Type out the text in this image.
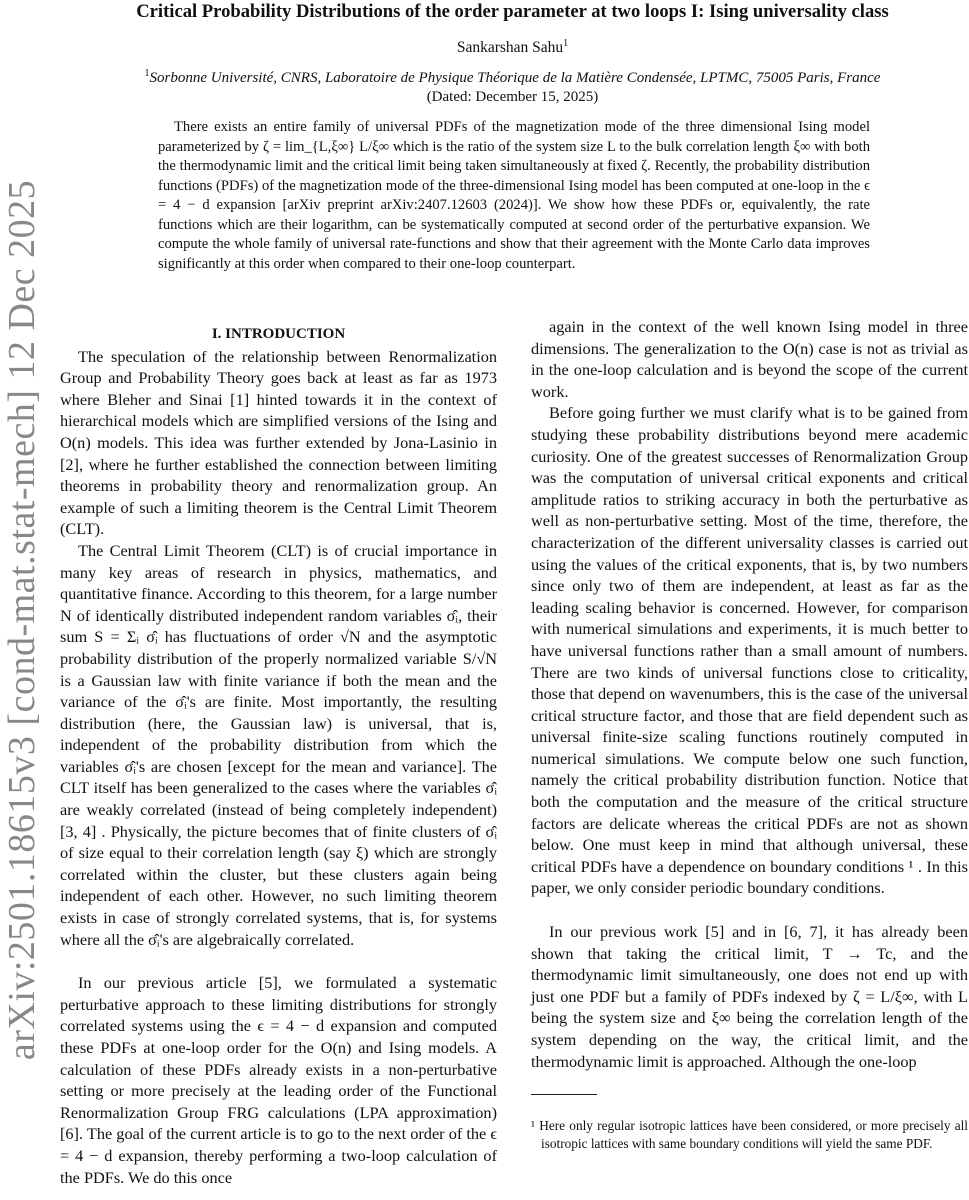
arXiv:2501.18615v3 [cond-mat.stat-mech] 12 Dec 2025
Critical Probability Distributions of the order parameter at two loops I: Ising universality class
Sankarshan Sahu$^1$
$^1$Sorbonne Université, CNRS, Laboratoire de Physique Théorique de la Matière Condensée, LPTMC, 75005 Paris, France
(Dated: December 15, 2025)
There exists an entire family of universal PDFs of the magnetization mode of the three dimensional Ising model parameterized by ζ = lim_{L,ξ∞} L/ξ∞ which is the ratio of the system size L to the bulk correlation length ξ∞ with both the thermodynamic limit and the critical limit being taken simultaneously at fixed ζ. Recently, the probability distribution functions (PDFs) of the magnetization mode of the three-dimensional Ising model has been computed at one-loop in the ϵ = 4 − d expansion [arXiv preprint arXiv:2407.12603 (2024)]. We show how these PDFs or, equivalently, the rate functions which are their logarithm, can be systematically computed at second order of the perturbative expansion. We compute the whole family of universal rate-functions and show that their agreement with the Monte Carlo data improves significantly at this order when compared to their one-loop counterpart.

I. INTRODUCTION

The speculation of the relationship between Renormalization Group and Probability Theory goes back at least as far as 1973 where Bleher and Sinai [1] hinted towards it in the context of hierarchical models which are simplified versions of the Ising and O(n) models. This idea was further extended by Jona-Lasinio in [2], where he further established the connection between limiting theorems in probability theory and renormalization group. An example of such a limiting theorem is the Central Limit Theorem (CLT).

The Central Limit Theorem (CLT) is of crucial importance in many key areas of research in physics, mathematics, and quantitative finance. According to this theorem, for a large number N of identically distributed independent random variables σ̂ᵢ, their sum S = Σᵢ σ̂ᵢ has fluctuations of order √N and the asymptotic probability distribution of the properly normalized variable S/√N is a Gaussian law with finite variance if both the mean and the variance of the σ̂ᵢ's are finite. Most importantly, the resulting distribution (here, the Gaussian law) is universal, that is, independent of the probability distribution from which the variables σ̂ᵢ's are chosen [except for the mean and variance]. The CLT itself has been generalized to the cases where the variables σ̂ᵢ are weakly correlated (instead of being completely independent) [3, 4] . Physically, the picture becomes that of finite clusters of σ̂ᵢ of size equal to their correlation length (say ξ) which are strongly correlated within the cluster, but these clusters again being independent of each other. However, no such limiting theorem exists in case of strongly correlated systems, that is, for systems where all the σ̂ᵢ's are algebraically correlated.

In our previous article [5], we formulated a systematic perturbative approach to these limiting distributions for strongly correlated systems using the ϵ = 4 − d expansion and computed these PDFs at one-loop order for the O(n) and Ising models. A calculation of these PDFs already exists in a non-perturbative setting or more precisely at the leading order of the Functional Renormalization Group FRG calculations (LPA approximation) [6]. The goal of the current article is to go to the next order of the ϵ = 4 − d expansion, thereby performing a two-loop calculation of the PDFs. We do this once

again in the context of the well known Ising model in three dimensions. The generalization to the O(n) case is not as trivial as in the one-loop calculation and is beyond the scope of the current work.

Before going further we must clarify what is to be gained from studying these probability distributions beyond mere academic curiosity. One of the greatest successes of Renormalization Group was the computation of universal critical exponents and critical amplitude ratios to striking accuracy in both the perturbative as well as non-perturbative setting. Most of the time, therefore, the characterization of the different universality classes is carried out using the values of the critical exponents, that is, by two numbers since only two of them are independent, at least as far as the leading scaling behavior is concerned. However, for comparison with numerical simulations and experiments, it is much better to have universal functions rather than a small amount of numbers. There are two kinds of universal functions close to criticality, those that depend on wavenumbers, this is the case of the universal critical structure factor, and those that are field dependent such as universal finite-size scaling functions routinely computed in numerical simulations. We compute below one such function, namely the critical probability distribution function. Notice that both the computation and the measure of the critical structure factors are delicate whereas the critical PDFs are not as shown below. One must keep in mind that although universal, these critical PDFs have a dependence on boundary conditions ¹ . In this paper, we only consider periodic boundary conditions.

In our previous work [5] and in [6, 7], it has already been shown that taking the critical limit, T → Tc, and the thermodynamic limit simultaneously, one does not end up with just one PDF but a family of PDFs indexed by ζ = L/ξ∞, with L being the system size and ξ∞ being the correlation length of the system depending on the way, the critical limit, and the thermodynamic limit is approached. Although the one-loop

¹ Here only regular isotropic lattices have been considered, or more precisely all isotropic lattices with same boundary conditions will yield the same PDF.
